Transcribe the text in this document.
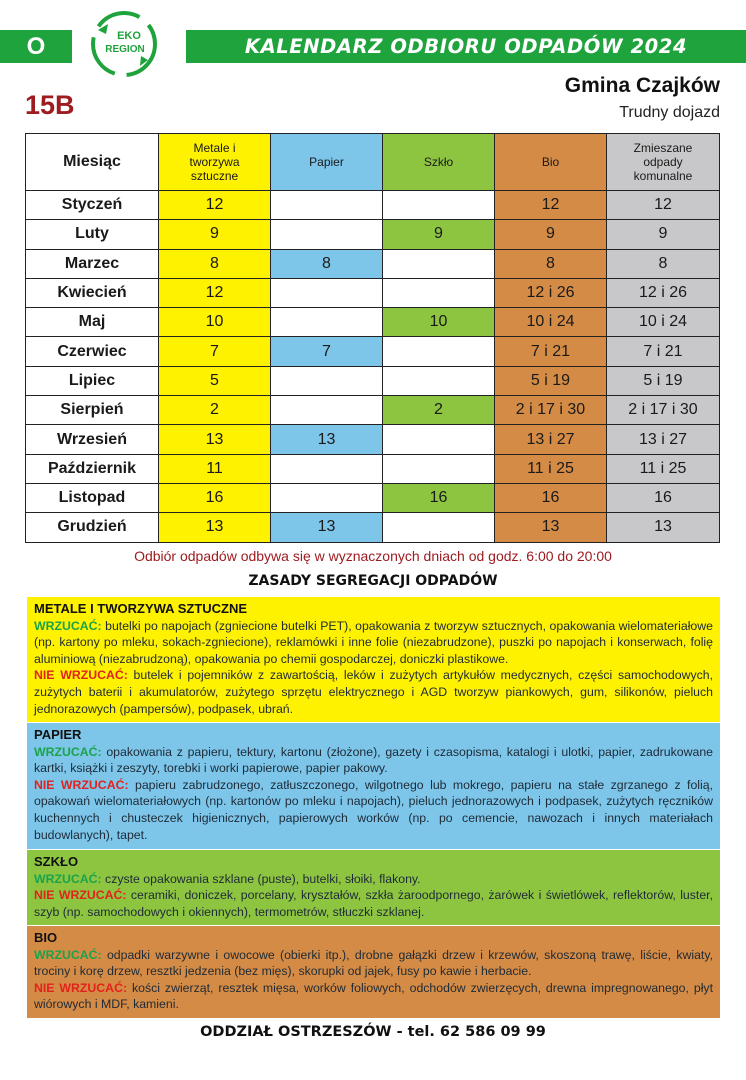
O	EKO
REGION	KALENDARZ ODBIORU ODPADÓW 2024
15B
Gmina Czajków
Trudny dojazd
Miesiąc	Metale i tworzywa sztuczne	Papier	Szkło	Bio	Zmieszane odpady komunalne

Styczeń	12			12	12
Luty	9		9	9	9
Marzec	8	8		8	8
Kwiecień	12			12 i 26	12 i 26
Maj	10		10	10 i 24	10 i 24
Czerwiec	7	7		7 i 21	7 i 21
Lipiec	5			5 i 19	5 i 19
Sierpień	2		2	2 i 17 i 30	2 i 17 i 30
Wrzesień	13	13		13 i 27	13 i 27
Październik	11			11 i 25	11 i 25
Listopad	16		16	16	16
Grudzień	13	13		13	13
Odbiór odpadów odbywa się w wyznaczonych dniach od godz. 6:00 do 20:00
ZASADY SEGREGACJI ODPADÓW
METALE I TWORZYWA SZTUCZNE
WRZUCAĆ: butelki po napojach (zgniecione butelki PET), opakowania z tworzyw sztucznych, opakowania wielomateriałowe (np. kartony po mleku, sokach-zgniecione), reklamówki i inne folie (niezabrudzone), puszki po napojach i konserwach, folię aluminiową (niezabrudzoną), opakowania po chemii gospodarczej, doniczki plastikowe.
NIE WRZUCAĆ: butelek i pojemników z zawartością, leków i zużytych artykułów medycznych, części samochodowych, zużytych baterii i akumulatorów, zużytego sprzętu elektrycznego i AGD tworzyw piankowych, gum, silikonów, pieluch jednorazowych (pampersów), podpasek, ubrań.
PAPIER
WRZUCAĆ: opakowania z papieru, tektury, kartonu (złożone), gazety i czasopisma, katalogi i ulotki, papier, zadrukowane kartki, książki i zeszyty, torebki i worki papierowe, papier pakowy.
NIE WRZUCAĆ: papieru zabrudzonego, zatłuszczonego, wilgotnego lub mokrego, papieru na stałe zgrzanego z folią, opakowań wielomateriałowych (np. kartonów po mleku i napojach), pieluch jednorazowych i podpasek, zużytych ręczników kuchennych i chusteczek higienicznych, papierowych worków (np. po cemencie, nawozach i innych materiałach budowlanych), tapet.
SZKŁO
WRZUCAĆ: czyste opakowania szklane (puste), butelki, słoiki, flakony.
NIE WRZUCAĆ: ceramiki, doniczek, porcelany, kryształów, szkła żaroodpornego, żarówek i świetlówek, reflektorów, luster, szyb (np. samochodowych i okiennych), termometrów, stłuczki szklanej.
BIO
WRZUCAĆ: odpadki warzywne i owocowe (obierki itp.), drobne gałązki drzew i krzewów, skoszoną trawę, liście, kwiaty, trociny i korę drzew, resztki jedzenia (bez mięs), skorupki od jajek, fusy po kawie i herbacie.
NIE WRZUCAĆ: kości zwierząt, resztek mięsa, worków foliowych, odchodów zwierzęcych, drewna impregnowanego, płyt wiórowych i MDF, kamieni.
ODDZIAŁ OSTRZESZÓW - tel. 62 586 09 99
